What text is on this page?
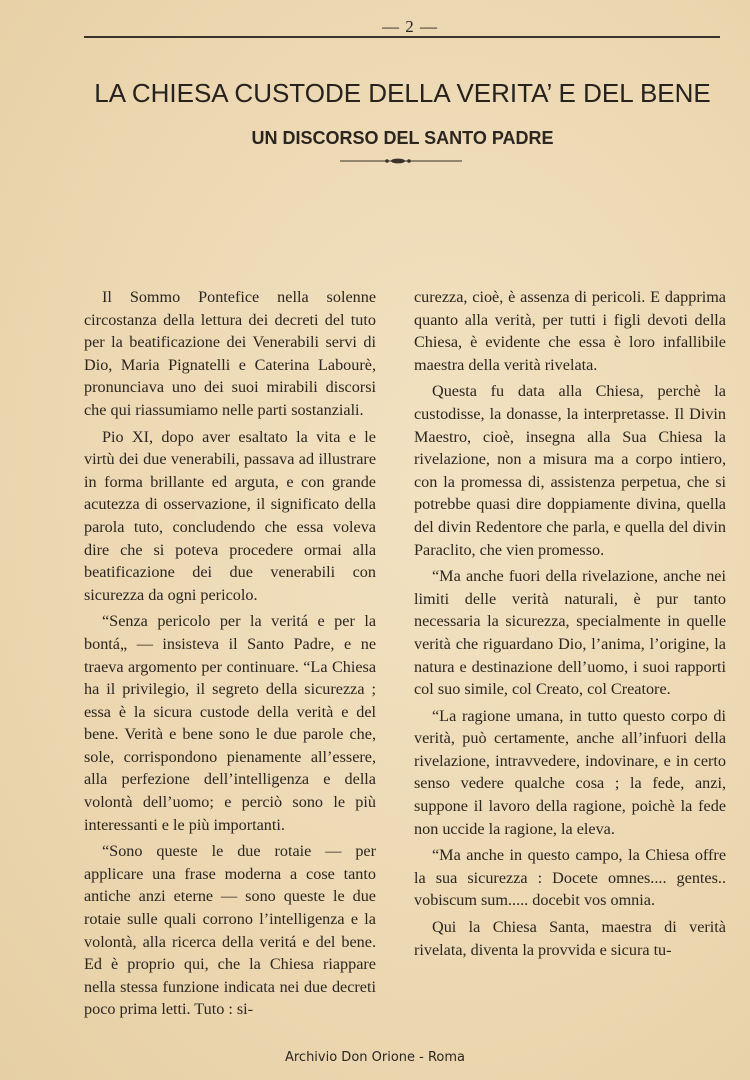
— 2 —
LA CHIESA CUSTODE DELLA VERITA’ E DEL BENE
UN DISCORSO DEL SANTO PADRE

Il Sommo Pontefice nella solenne circostanza della lettura dei decreti del tuto per la beatificazione dei Venerabili servi di Dio, Maria Pignatelli e Caterina Labourè, pronunciava uno dei suoi mirabili discorsi che qui riassumiamo nelle parti sostanziali.

Pio XI, dopo aver esaltato la vita e le virtù dei due venerabili, passava ad illustrare in forma brillante ed arguta, e con grande acutezza di osservazione, il significato della parola tuto, concludendo che essa voleva dire che si poteva procedere ormai alla beatificazione dei due venerabili con sicurezza da ogni pericolo.

“Senza pericolo per la veritá e per la bontá„ — insisteva il Santo Padre, e ne traeva argomento per continuare. “La Chiesa ha il privilegio, il segreto della sicurezza ; essa è la sicura custode della verità e del bene. Verità e bene sono le due parole che, sole, corrispondono pienamente all’essere, alla perfezione dell’intelligenza e della volontà dell’uomo; e perciò sono le più interessanti e le più importanti.

“Sono queste le due rotaie — per applicare una frase moderna a cose tanto antiche anzi eterne — sono queste le due rotaie sulle quali corrono l’intelligenza e la volontà, alla ricerca della veritá e del bene. Ed è proprio qui, che la Chiesa riappare nella stessa funzione indicata nei due decreti poco prima letti. Tuto : si-

curezza, cioè, è assenza di pericoli. E dapprima quanto alla verità, per tutti i figli devoti della Chiesa, è evidente che essa è loro infallibile maestra della verità rivelata.

Questa fu data alla Chiesa, perchè la custodisse, la donasse, la interpretasse. Il Divin Maestro, cioè, insegna alla Sua Chiesa la rivelazione, non a misura ma a corpo intiero, con la promessa di, assistenza perpetua, che si potrebbe quasi dire doppiamente divina, quella del divin Redentore che parla, e quella del divin Paraclito, che vien promesso.

“Ma anche fuori della rivelazione, anche nei limiti delle verità naturali, è pur tanto necessaria la sicurezza, specialmente in quelle verità che riguardano Dio, l’anima, l’origine, la natura e destinazione dell’uomo, i suoi rapporti col suo simile, col Creato, col Creatore.

“La ragione umana, in tutto questo corpo di verità, può certamente, anche all’infuori della rivelazione, intravvedere, indovinare, e in certo senso vedere qualche cosa ; la fede, anzi, suppone il lavoro della ragione, poichè la fede non uccide la ragione, la eleva.

“Ma anche in questo campo, la Chiesa offre la sua sicurezza : Docete omnes.... gentes.. vobiscum sum..... docebit vos omnia.

Qui la Chiesa Santa, maestra di verità rivelata, diventa la provvida e sicura tu-

Archivio Don Orione - Roma
